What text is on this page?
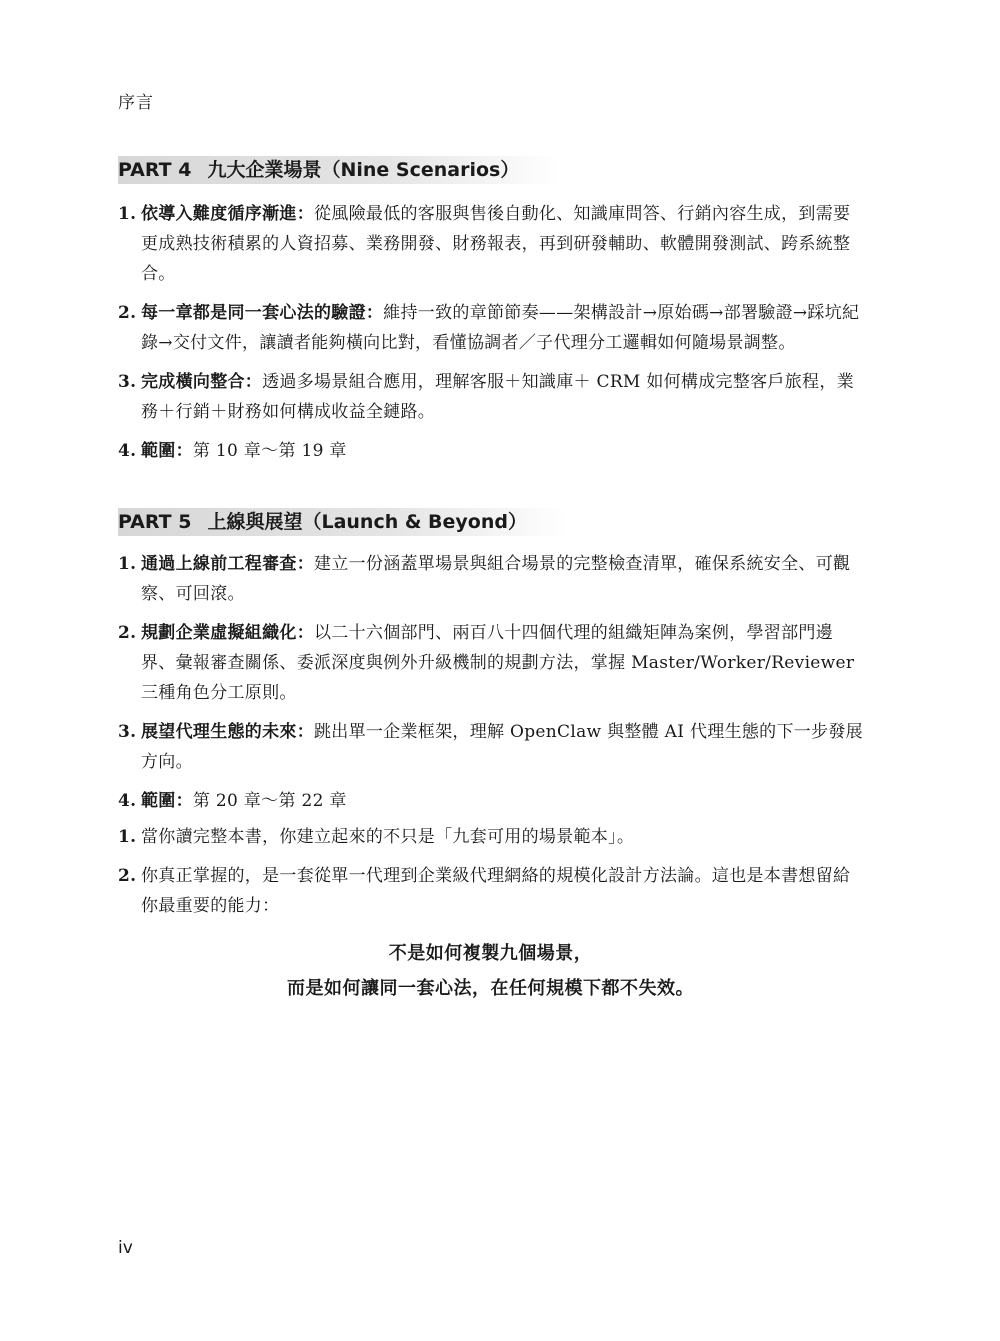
序言
PART 4 九大企業場景（Nine Scenarios）
1. 依導入難度循序漸進：從風險最低的客服與售後自動化、知識庫問答、行銷內容生成，到需要更成熟技術積累的人資招募、業務開發、財務報表，再到研發輔助、軟體開發測試、跨系統整合。
2. 每一章都是同一套心法的驗證：維持一致的章節節奏——架構設計→原始碼→部署驗證→踩坑紀錄→交付文件，讓讀者能夠橫向比對，看懂協調者／子代理分工邏輯如何隨場景調整。
3. 完成橫向整合：透過多場景組合應用，理解客服＋知識庫＋ CRM 如何構成完整客戶旅程，業務＋行銷＋財務如何構成收益全鏈路。
4. 範圍：第 10 章～第 19 章
PART 5 上線與展望（Launch & Beyond）
1. 通過上線前工程審查：建立一份涵蓋單場景與組合場景的完整檢查清單，確保系統安全、可觀察、可回滾。
2. 規劃企業虛擬組織化：以二十六個部門、兩百八十四個代理的組織矩陣為案例，學習部門邊界、彙報審查關係、委派深度與例外升級機制的規劃方法，掌握 Master/Worker/Reviewer 三種角色分工原則。
3. 展望代理生態的未來：跳出單一企業框架，理解 OpenClaw 與整體 AI 代理生態的下一步發展方向。
4. 範圍：第 20 章～第 22 章
1. 當你讀完整本書，你建立起來的不只是「九套可用的場景範本」。
2. 你真正掌握的，是一套從單一代理到企業級代理網絡的規模化設計方法論。這也是本書想留給你最重要的能力：
不是如何複製九個場景，
而是如何讓同一套心法，在任何規模下都不失效。
iv
